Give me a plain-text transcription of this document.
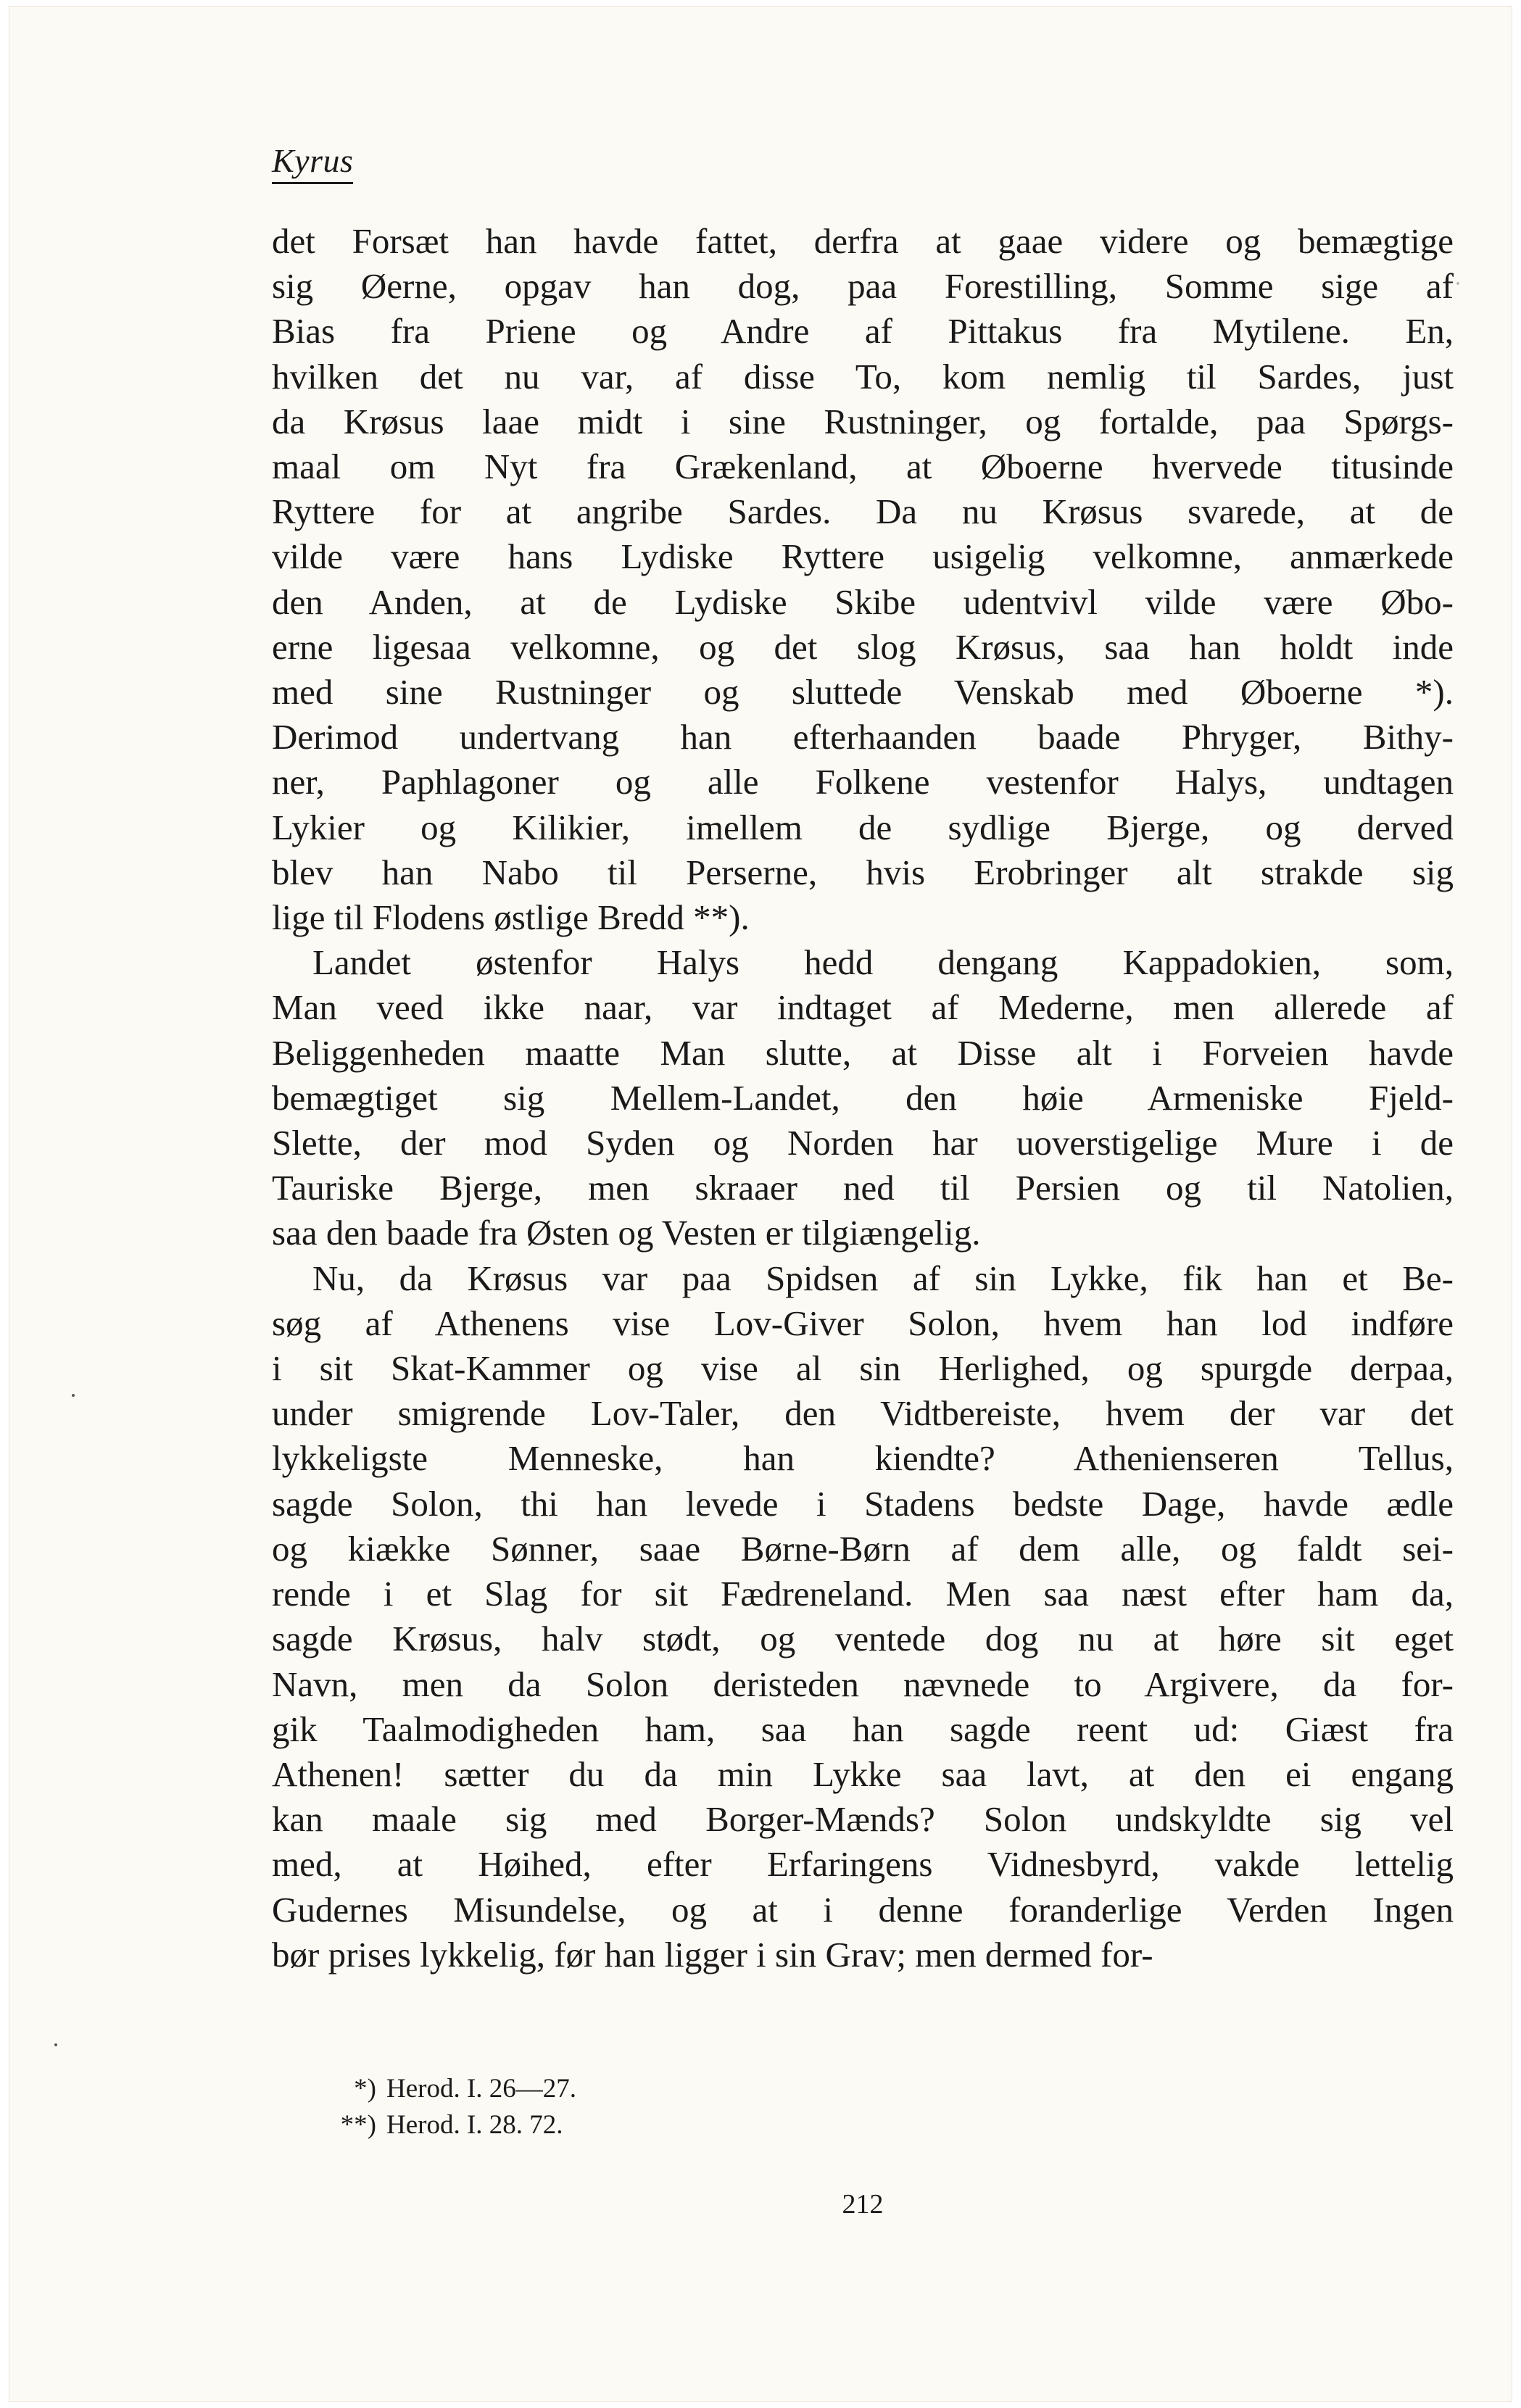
Kyrus
det Forsæt han havde fattet, derfra at gaae videre og bemægtige
sig Øerne, opgav han dog, paa Forestilling, Somme sige af
Bias fra Priene og Andre af Pittakus fra Mytilene. En,
hvilken det nu var, af disse To, kom nemlig til Sardes, just
da Krøsus laae midt i sine Rustninger, og fortalde, paa Spørgs-
maal om Nyt fra Grækenland, at Øboerne hvervede titusinde
Ryttere for at angribe Sardes. Da nu Krøsus svarede, at de
vilde være hans Lydiske Ryttere usigelig velkomne, anmærkede
den Anden, at de Lydiske Skibe udentvivl vilde være Øbo-
erne ligesaa velkomne, og det slog Krøsus, saa han holdt inde
med sine Rustninger og sluttede Venskab med Øboerne *).
Derimod undertvang han efterhaanden baade Phryger, Bithy-
ner, Paphlagoner og alle Folkene vestenfor Halys, undtagen
Lykier og Kilikier, imellem de sydlige Bjerge, og derved
blev han Nabo til Perserne, hvis Erobringer alt strakde sig
lige til Flodens østlige Bredd **).
Landet østenfor Halys hedd dengang Kappadokien, som,
Man veed ikke naar, var indtaget af Mederne, men allerede af
Beliggenheden maatte Man slutte, at Disse alt i Forveien havde
bemægtiget sig Mellem-Landet, den høie Armeniske Fjeld-
Slette, der mod Syden og Norden har uoverstigelige Mure i de
Tauriske Bjerge, men skraaer ned til Persien og til Natolien,
saa den baade fra Østen og Vesten er tilgiængelig.
Nu, da Krøsus var paa Spidsen af sin Lykke, fik han et Be-
søg af Athenens vise Lov-Giver Solon, hvem han lod indføre
i sit Skat-Kammer og vise al sin Herlighed, og spurgde derpaa,
under smigrende Lov-Taler, den Vidtbereiste, hvem der var det
lykkeligste Menneske, han kiendte? Athenienseren Tellus,
sagde Solon, thi han levede i Stadens bedste Dage, havde ædle
og kiække Sønner, saae Børne-Børn af dem alle, og faldt sei-
rende i et Slag for sit Fædreneland. Men saa næst efter ham da,
sagde Krøsus, halv stødt, og ventede dog nu at høre sit eget
Navn, men da Solon deristeden nævnede to Argivere, da for-
gik Taalmodigheden ham, saa han sagde reent ud: Giæst fra
Athenen! sætter du da min Lykke saa lavt, at den ei engang
kan maale sig med Borger-Mænds? Solon undskyldte sig vel
med, at Høihed, efter Erfaringens Vidnesbyrd, vakde lettelig
Gudernes Misundelse, og at i denne foranderlige Verden Ingen
bør prises lykkelig, før han ligger i sin Grav; men dermed for-
*) Herod. I. 26—27.
**) Herod. I. 28. 72.
212
